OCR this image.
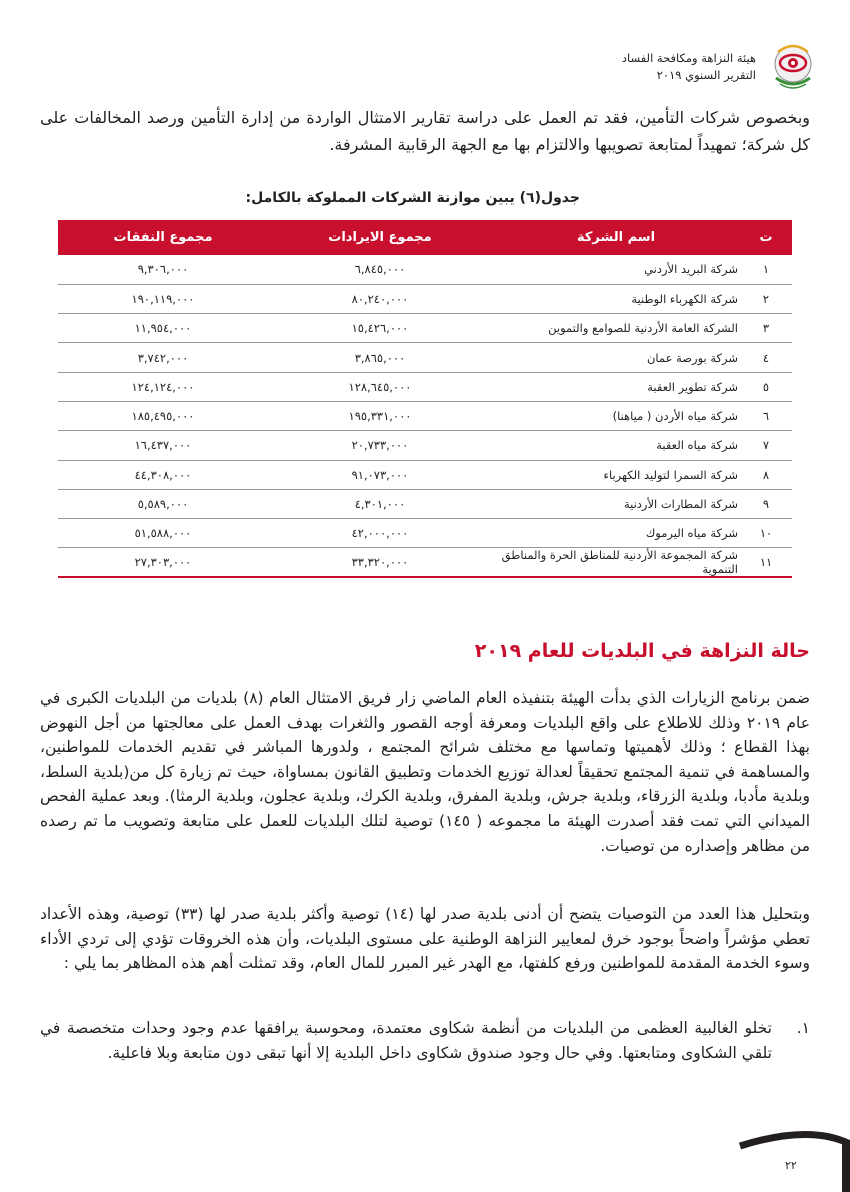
هيئة النزاهة ومكافحة الفساد
التقرير السنوي ٢٠١٩

وبخصوص شركات التأمين، فقد تم العمل على دراسة تقارير الامتثال الواردة من إدارة التأمين ورصد المخالفات على كل شركة؛ تمهيداً لمتابعة تصويبها والالتزام بها مع الجهة الرقابية المشرفة.

جدول(٦) يبين موازنة الشركات المملوكة بالكامل:

ت	اسم الشركة	مجموع الايرادات	مجموع النفقات
١	شركة البريد الأردني	٦,٨٤٥,٠٠٠	٩,٣٠٦,٠٠٠
٢	شركة الكهرباء الوطنية	٨٠,٢٤٠,٠٠٠	١٩٠,١١٩,٠٠٠
٣	الشركة العامة الأردنية للصوامع والتموين	١٥,٤٢٦,٠٠٠	١١,٩٥٤,٠٠٠
٤	شركة بورصة عمان	٣,٨٦٥,٠٠٠	٣,٧٤٢,٠٠٠
٥	شركة تطوير العقبة	١٢٨,٦٤٥,٠٠٠	١٢٤,١٢٤,٠٠٠
٦	شركة مياه الأردن ( مياهنا)	١٩٥,٣٣١,٠٠٠	١٨٥,٤٩٥,٠٠٠
٧	شركة مياه العقبة	٢٠,٧٣٣,٠٠٠	١٦,٤٣٧,٠٠٠
٨	شركة السمرا لتوليد الكهرباء	٩١,٠٧٣,٠٠٠	٤٤,٣٠٨,٠٠٠
٩	شركة المطارات الأردنية	٤,٣٠١,٠٠٠	٥,٥٨٩,٠٠٠
١٠	شركة مياه اليرموك	٤٢,٠٠٠,٠٠٠	٥١,٥٨٨,٠٠٠
١١	شركة المجموعة الأردنية للمناطق الحرة والمناطق التنموية	٣٣,٣٢٠,٠٠٠	٢٧,٣٠٣,٠٠٠
حالة النزاهة في البلديات للعام ٢٠١٩

ضمن برنامج الزيارات الذي بدأت الهيئة بتنفيذه العام الماضي زار فريق الامتثال العام (٨) بلديات من البلديات الكبرى في عام ٢٠١٩ وذلك للاطلاع على واقع البلديات ومعرفة أوجه القصور والثغرات بهدف العمل على معالجتها من أجل النهوض بهذا القطاع ؛ وذلك لأهميتها وتماسها مع مختلف شرائح المجتمع ، ولدورها المباشر في تقديم الخدمات للمواطنين، والمساهمة في تنمية المجتمع تحقيقاً لعدالة توزيع الخدمات وتطبيق القانون بمساواة، حيث تم زيارة كل من(بلدية السلط، وبلدية مأدبا، وبلدية الزرقاء، وبلدية جرش، وبلدية المفرق، وبلدية الكرك، وبلدية عجلون، وبلدية الرمثا). وبعد عملية الفحص الميداني التي تمت فقد أصدرت الهيئة ما مجموعه ( ١٤٥) توصية لتلك البلديات للعمل على متابعة وتصويب ما تم رصده من مظاهر وإصداره من توصيات.

وبتحليل هذا العدد من التوصيات يتضح أن أدنى بلدية صدر لها (١٤) توصية وأكثر بلدية صدر لها (٣٣) توصية، وهذه الأعداد تعطي مؤشراً واضحاً بوجود خرق لمعايير النزاهة الوطنية على مستوى البلديات، وأن هذه الخروقات تؤدي إلى تردي الأداء وسوء الخدمة المقدمة للمواطنين ورفع كلفتها، مع الهدر غير المبرر للمال العام، وقد تمثلت أهم هذه المظاهر بما يلي :

١.

تخلو الغالبية العظمى من البلديات من أنظمة شكاوى معتمدة، ومحوسبة يرافقها عدم وجود وحدات متخصصة في تلقي الشكاوى ومتابعتها. وفي حال وجود صندوق شكاوى داخل البلدية إلا أنها تبقى دون متابعة وبلا فاعلية.

٢٢
